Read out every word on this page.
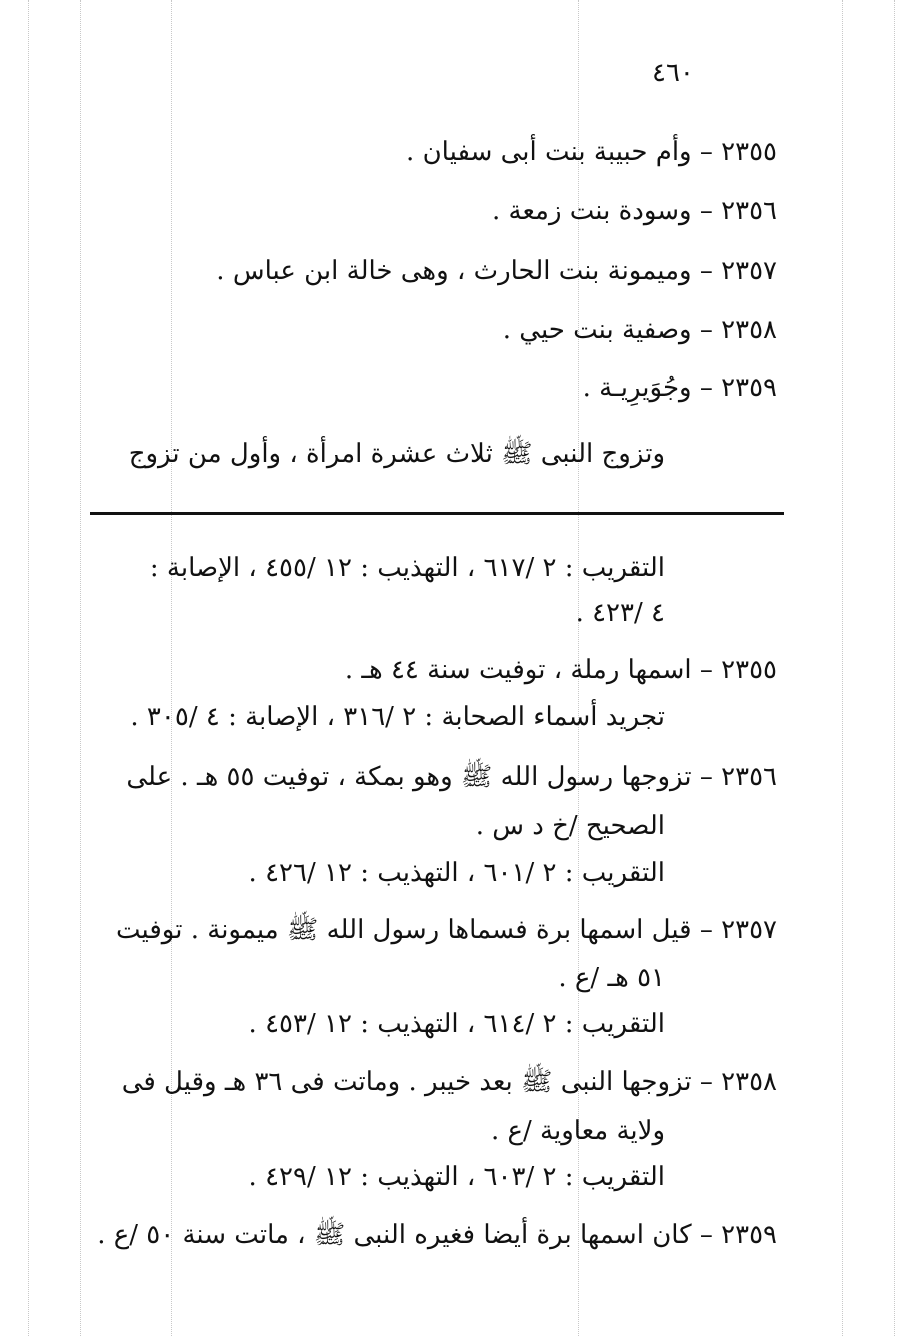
٤٦٠
٢٣٥٥ – وأم حبيبة بنت أبى سفيان .
٢٣٥٦ – وسودة بنت زمعة .
٢٣٥٧ – وميمونة بنت الحارث ، وهى خالة ابن عباس .
٢٣٥٨ – وصفية بنت حيي .
٢٣٥٩ – وجُوَيرِيـة .
وتزوج النبى ﷺ ثلاث عشرة امرأة ، وأول من تزوج
التقريب : ٢ /٦١٧ ، التهذيب : ١٢ /٤٥٥ ، الإصابة :
٤ /٤٢٣ .
٢٣٥٥ – اسمها رملة ، توفيت سنة ٤٤ هـ .
تجريد أسماء الصحابة : ٢ /٣١٦ ، الإصابة : ٤ /٣٠٥ .
٢٣٥٦ – تزوجها رسول الله ﷺ وهو بمكة ، توفيت ٥٥ هـ . على
الصحيح /خ د س .
التقريب : ٢ /٦٠١ ، التهذيب : ١٢ /٤٢٦ .
٢٣٥٧ – قيل اسمها برة فسماها رسول الله ﷺ ميمونة . توفيت
٥١ هـ /ع .
التقريب : ٢ /٦١٤ ، التهذيب : ١٢ /٤٥٣ .
٢٣٥٨ – تزوجها النبى ﷺ بعد خيبر . وماتت فى ٣٦ هـ وقيل فى
ولاية معاوية /ع .
التقريب : ٢ /٦٠٣ ، التهذيب : ١٢ /٤٢٩ .
٢٣٥٩ – كان اسمها برة أيضا فغيره النبى ﷺ ، ماتت سنة ٥٠ /ع .
